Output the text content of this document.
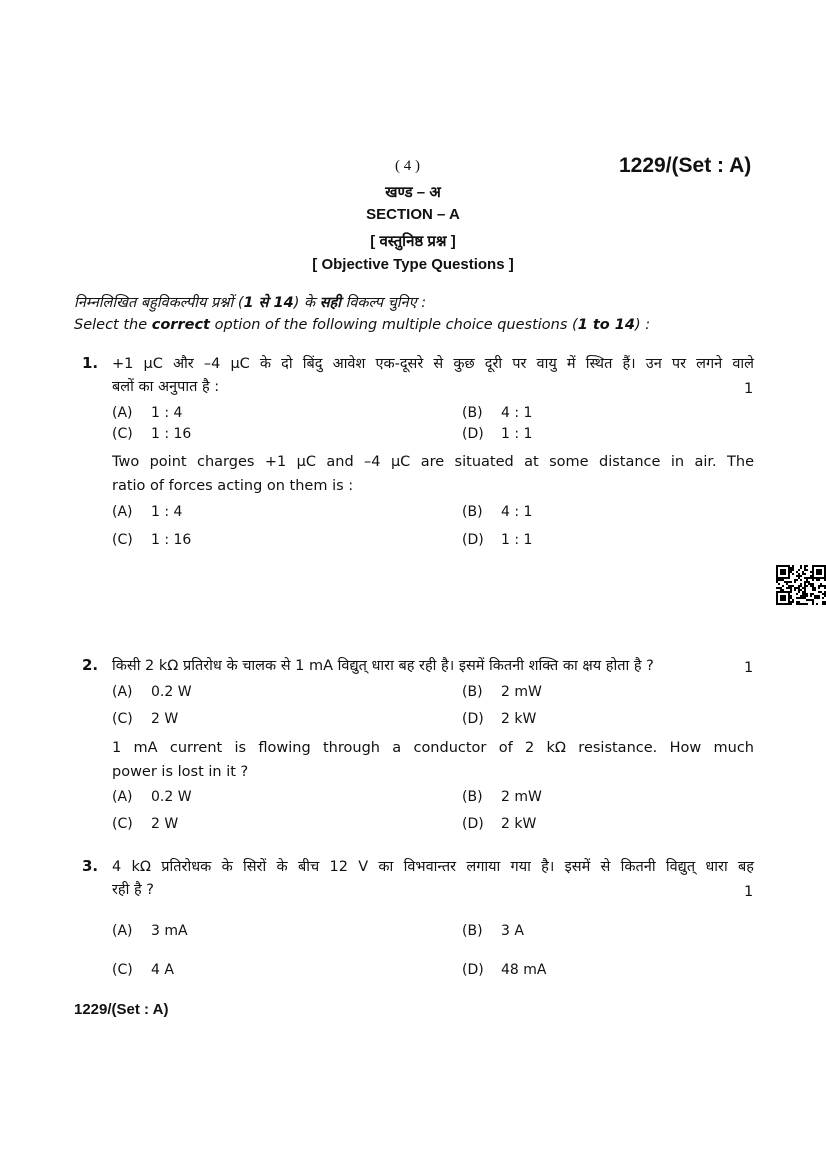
( 4 )	1229/(Set : A)
खण्ड – अ
SECTION – A
[ वस्तुनिष्ठ प्रश्न ]
[ Objective Type Questions ]
निम्नलिखित बहुविकल्पीय प्रश्नों (1 से 14) के सही विकल्प चुनिए :
Select the correct option of the following multiple choice questions (1 to 14) :
1. +1 μC और –4 μC के दो बिंदु आवेश एक-दूसरे से कुछ दूरी पर वायु में स्थित हैं। उन पर लगने वाले
बलों का अनुपात है :	1
(A) 1 : 4	(B) 4 : 1
(C) 1 : 16	(D) 1 : 1
Two point charges +1 μC and –4 μC are situated at some distance in air. The
ratio of forces acting on them is :
(A) 1 : 4	(B) 4 : 1
(C) 1 : 16	(D) 1 : 1
2. किसी 2 kΩ प्रतिरोध के चालक से 1 mA विद्युत् धारा बह रही है। इसमें कितनी शक्ति का क्षय होता है ?	1
(A) 0.2 W	(B) 2 mW
(C) 2 W	(D) 2 kW
1 mA current is flowing through a conductor of 2 kΩ resistance. How much
power is lost in it ?
(A) 0.2 W	(B) 2 mW
(C) 2 W	(D) 2 kW
3. 4 kΩ प्रतिरोधक के सिरों के बीच 12 V का विभवान्तर लगाया गया है। इसमें से कितनी विद्युत् धारा बह
रही है ?	1
(A) 3 mA	(B) 3 A
(C) 4 A	(D) 48 mA
1229/(Set : A)
